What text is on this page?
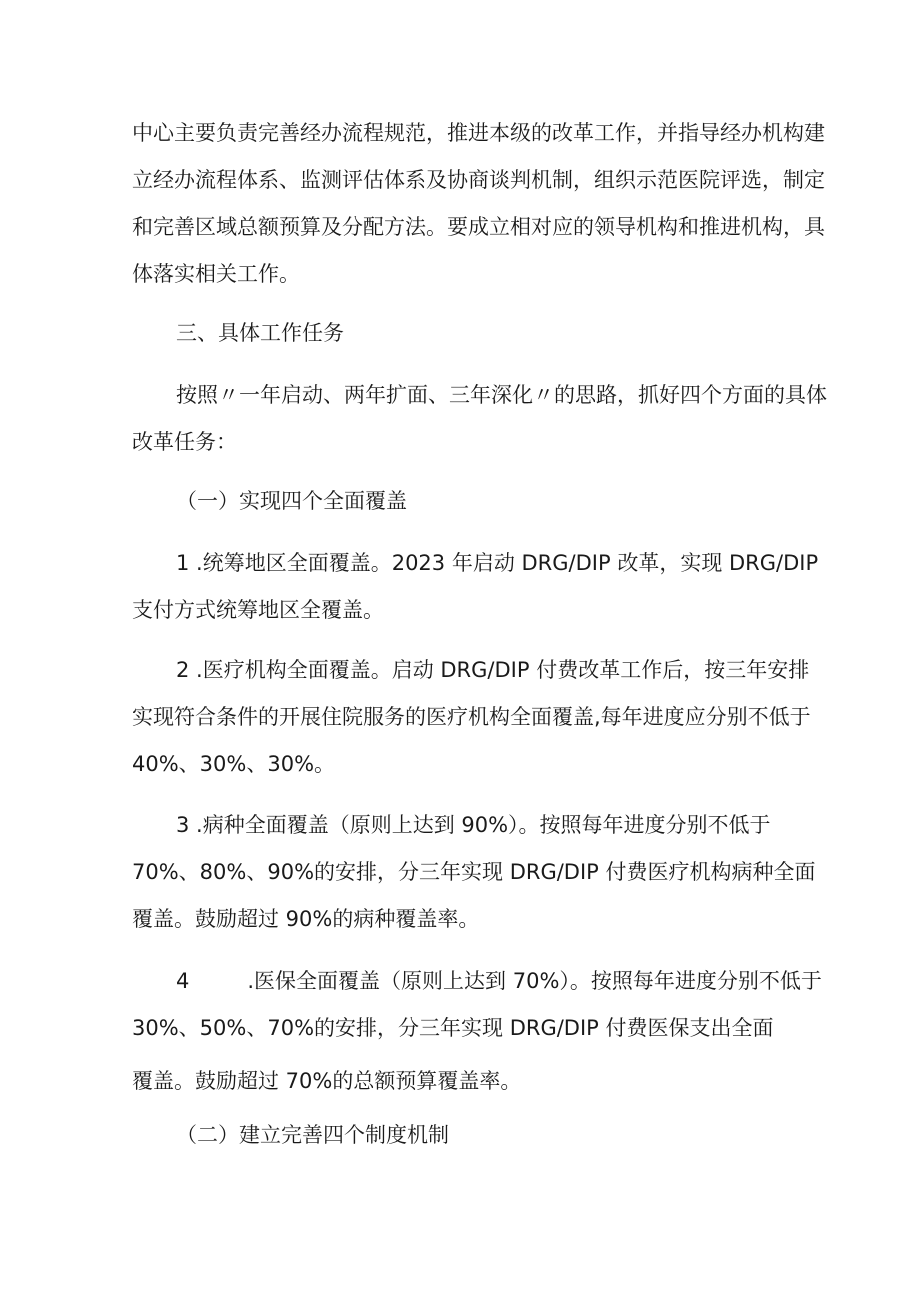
中心主要负责完善经办流程规范，推进本级的改革工作，并指导经办机构建
立经办流程体系、监测评估体系及协商谈判机制，组织示范医院评选，制定
和完善区域总额预算及分配方法。要成立相对应的领导机构和推进机构，具
体落实相关工作。
三、具体工作任务
按照〃一年启动、两年扩面、三年深化〃的思路，抓好四个方面的具体
改革任务：
（一）实现四个全面覆盖
1 .统筹地区全面覆盖。2023 年启动 DRG/DIP 改革，实现 DRG/DIP
支付方式统筹地区全覆盖。
2 .医疗机构全面覆盖。启动 DRG/DIP 付费改革工作后，按三年安排
实现符合条件的开展住院服务的医疗机构全面覆盖,每年进度应分别不低于
40%、30%、30%。
3 .病种全面覆盖（原则上达到 90%）。按照每年进度分别不低于
70%、80%、90%的安排，分三年实现 DRG/DIP 付费医疗机构病种全面
覆盖。鼓励超过 90%的病种覆盖率。
4	.医保全面覆盖（原则上达到 70%）。按照每年进度分别不低于
30%、50%、70%的安排，分三年实现 DRG/DIP 付费医保支出全面
覆盖。鼓励超过 70%的总额预算覆盖率。
（二）建立完善四个制度机制
